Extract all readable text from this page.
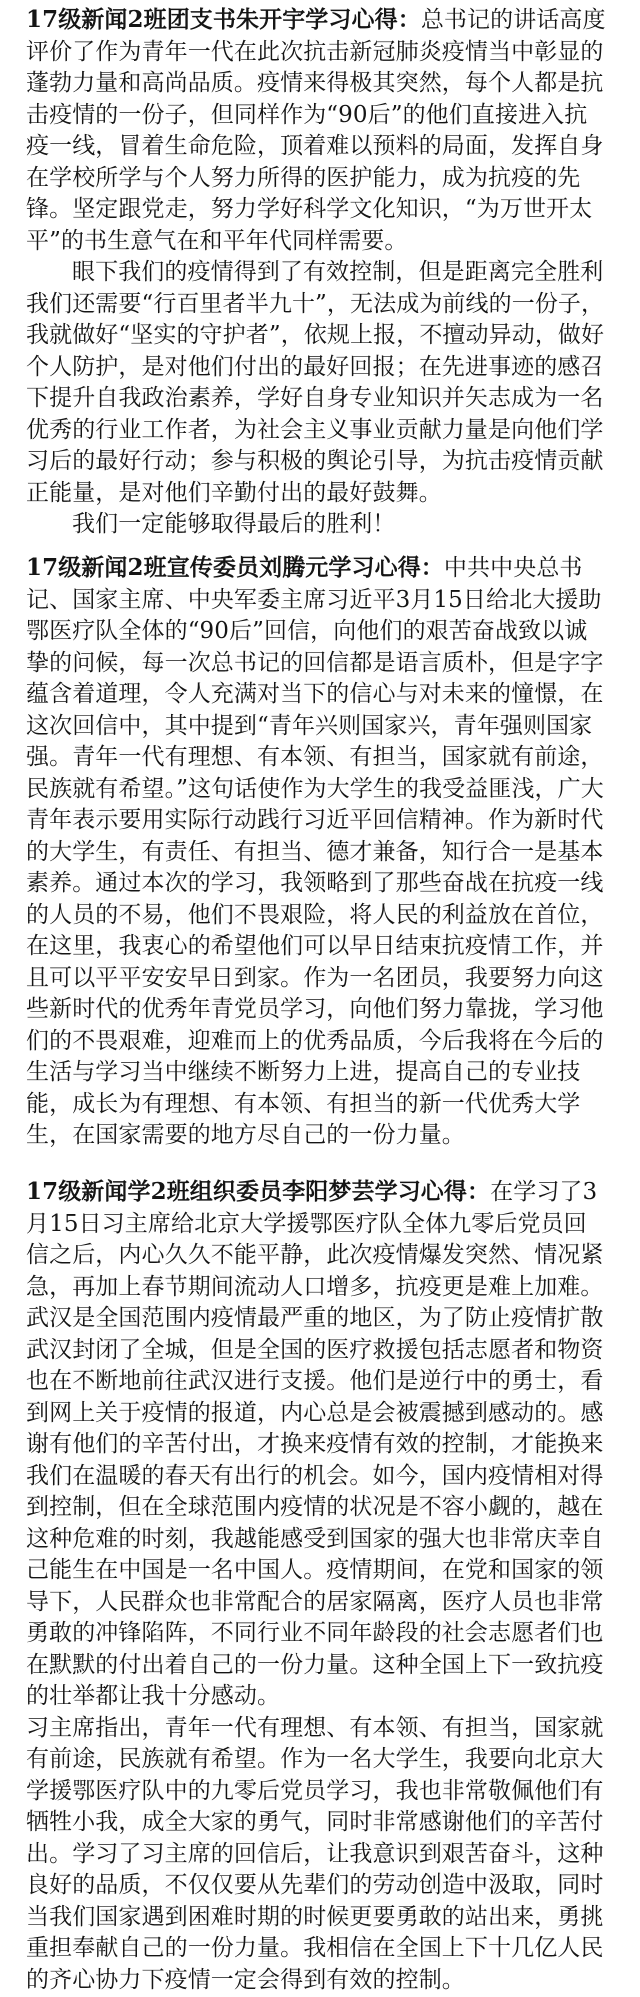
17级新闻2班团支书朱开宇学习心得：总书记的讲话高度评价了作为青年一代在此次抗击新冠肺炎疫情当中彰显的蓬勃力量和高尚品质。疫情来得极其突然，每个人都是抗击疫情的一份子，但同样作为“90后”的他们直接进入抗疫一线，冒着生命危险，顶着难以预料的局面，发挥自身在学校所学与个人努力所得的医护能力，成为抗疫的先锋。坚定跟党走，努力学好科学文化知识，“为万世开太平”的书生意气在和平年代同样需要。

眼下我们的疫情得到了有效控制，但是距离完全胜利我们还需要“行百里者半九十”，无法成为前线的一份子，我就做好“坚实的守护者”，依规上报，不擅动异动，做好个人防护，是对他们付出的最好回报；在先进事迹的感召下提升自我政治素养，学好自身专业知识并矢志成为一名优秀的行业工作者，为社会主义事业贡献力量是向他们学习后的最好行动；参与积极的舆论引导，为抗击疫情贡献正能量，是对他们辛勤付出的最好鼓舞。

我们一定能够取得最后的胜利！

17级新闻2班宣传委员刘腾元学习心得：中共中央总书记、国家主席、中央军委主席习近平3月15日给北大援助鄂医疗队全体的“90后”回信，向他们的艰苦奋战致以诚挚的问候，每一次总书记的回信都是语言质朴，但是字字蕴含着道理，令人充满对当下的信心与对未来的憧憬，在这次回信中，其中提到“青年兴则国家兴，青年强则国家强。青年一代有理想、有本领、有担当，国家就有前途，民族就有希望。”这句话使作为大学生的我受益匪浅，广大青年表示要用实际行动践行习近平回信精神。作为新时代的大学生，有责任、有担当、德才兼备，知行合一是基本素养。通过本次的学习，我领略到了那些奋战在抗疫一线的人员的不易，他们不畏艰险，将人民的利益放在首位，在这里，我衷心的希望他们可以早日结束抗疫情工作，并且可以平平安安早日到家。作为一名团员，我要努力向这些新时代的优秀年青党员学习，向他们努力靠拢，学习他们的不畏艰难，迎难而上的优秀品质，今后我将在今后的生活与学习当中继续不断努力上进，提高自己的专业技能，成长为有理想、有本领、有担当的新一代优秀大学生，在国家需要的地方尽自己的一份力量。

17级新闻学2班组织委员李阳梦芸学习心得：在学习了3月15日习主席给北京大学援鄂医疗队全体九零后党员回信之后，内心久久不能平静，此次疫情爆发突然、情况紧急，再加上春节期间流动人口增多，抗疫更是难上加难。武汉是全国范围内疫情最严重的地区，为了防止疫情扩散武汉封闭了全城，但是全国的医疗救援包括志愿者和物资也在不断地前往武汉进行支援。他们是逆行中的勇士，看到网上关于疫情的报道，内心总是会被震撼到感动的。感谢有他们的辛苦付出，才换来疫情有效的控制，才能换来我们在温暖的春天有出行的机会。如今，国内疫情相对得到控制，但在全球范围内疫情的状况是不容小觑的，越在这种危难的时刻，我越能感受到国家的强大也非常庆幸自己能生在中国是一名中国人。疫情期间，在党和国家的领导下，人民群众也非常配合的居家隔离，医疗人员也非常勇敢的冲锋陷阵，不同行业不同年龄段的社会志愿者们也在默默的付出着自己的一份力量。这种全国上下一致抗疫的壮举都让我十分感动。

习主席指出，青年一代有理想、有本领、有担当，国家就有前途，民族就有希望。作为一名大学生，我要向北京大学援鄂医疗队中的九零后党员学习，我也非常敬佩他们有牺牲小我，成全大家的勇气，同时非常感谢他们的辛苦付出。学习了习主席的回信后，让我意识到艰苦奋斗，这种良好的品质，不仅仅要从先辈们的劳动创造中汲取，同时当我们国家遇到困难时期的时候更要勇敢的站出来，勇挑重担奉献自己的一份力量。我相信在全国上下十几亿人民的齐心协力下疫情一定会得到有效的控制。
